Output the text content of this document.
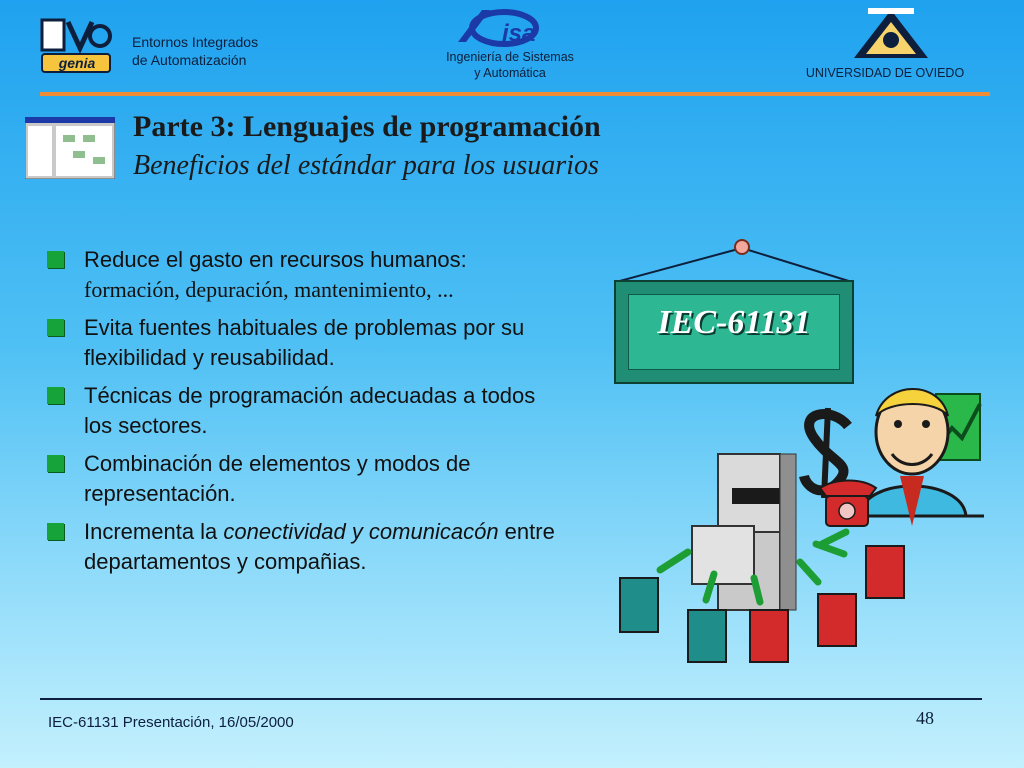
genia
Entornos Integrados
de Automatización
isa
Ingeniería de Sistemas
y Automática	UNIVERSIDAD DE OVIEDO
Parte 3: Lenguajes de programación
Beneficios del estándar para los usuarios
Reduce el gasto en recursos humanos:
formación, depuración, mantenimiento, ...
Evita fuentes habituales de problemas por su flexibilidad y reusabilidad.
Técnicas de programación adecuadas a todos los sectores.
Combinación de elementos y modos de representación.
Incrementa la conectividad y comunicacón entre departamentos y compañias.
IEC-61131
IEC-61131 Presentación, 16/05/2000	48
